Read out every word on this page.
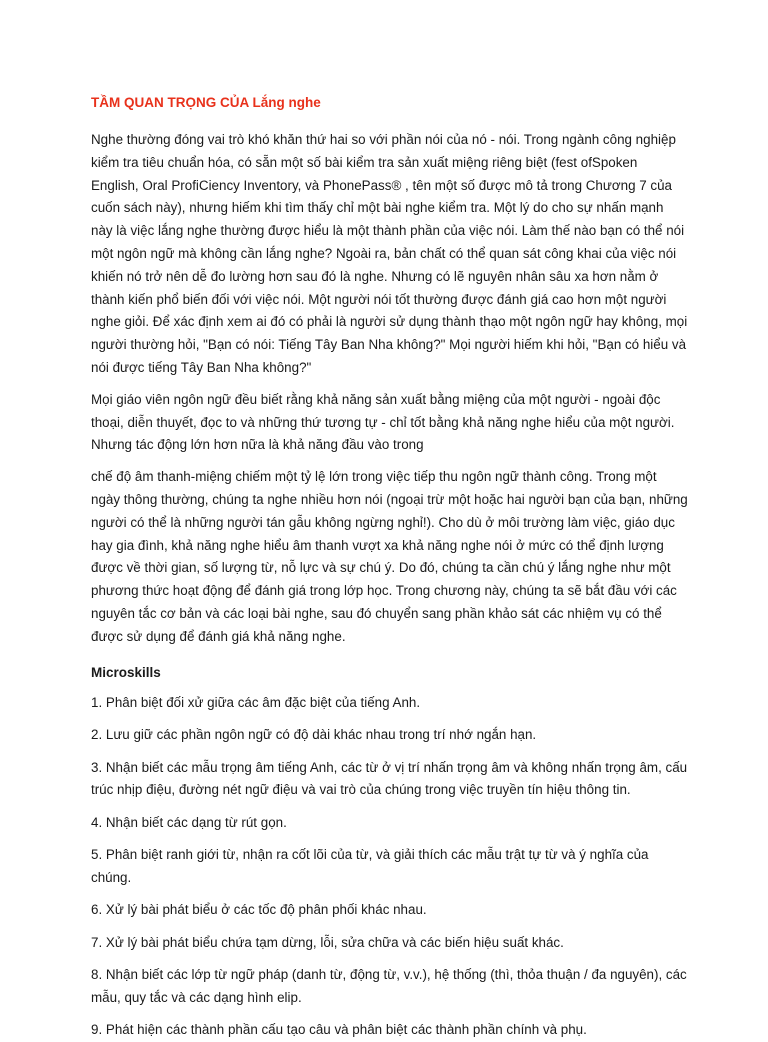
TẦM QUAN TRỌNG CỦA Lắng nghe

Nghe thường đóng vai trò khó khăn thứ hai so với phần nói của nó - nói. Trong ngành công nghiệp kiểm tra tiêu chuẩn hóa, có sẵn một số bài kiểm tra sản xuất miệng riêng biệt (fest ofSpoken English, Oral ProfiCiency Inventory, và PhonePass® , tên một số được mô tả trong Chương 7 của cuốn sách này), nhưng hiếm khi tìm thấy chỉ một bài nghe kiểm tra. Một lý do cho sự nhấn mạnh này là việc lắng nghe thường được hiểu là một thành phần của việc nói. Làm thế nào bạn có thể nói một ngôn ngữ mà không cần lắng nghe? Ngoài ra, bản chất có thể quan sát công khai của việc nói khiến nó trở nên dễ đo lường hơn sau đó là nghe. Nhưng có lẽ nguyên nhân sâu xa hơn nằm ở thành kiến phổ biến đối với việc nói. Một người nói tốt thường được đánh giá cao hơn một người nghe giỏi. Để xác định xem ai đó có phải là người sử dụng thành thạo một ngôn ngữ hay không, mọi người thường hỏi, "Bạn có nói: Tiếng Tây Ban Nha không?" Mọi người hiếm khi hỏi, "Bạn có hiểu và nói được tiếng Tây Ban Nha không?"

Mọi giáo viên ngôn ngữ đều biết rằng khả năng sản xuất bằng miệng của một người - ngoài độc thoại, diễn thuyết, đọc to và những thứ tương tự - chỉ tốt bằng khả năng nghe hiểu của một người. Nhưng tác động lớn hơn nữa là khả năng đầu vào trong

chế độ âm thanh-miệng chiếm một tỷ lệ lớn trong việc tiếp thu ngôn ngữ thành công. Trong một ngày thông thường, chúng ta nghe nhiều hơn nói (ngoại trừ một hoặc hai người bạn của bạn, những người có thể là những người tán gẫu không ngừng nghỉ!). Cho dù ở môi trường làm việc, giáo dục hay gia đình, khả năng nghe hiểu âm thanh vượt xa khả năng nghe nói ở mức có thể định lượng được về thời gian, số lượng từ, nỗ lực và sự chú ý. Do đó, chúng ta cần chú ý lắng nghe như một phương thức hoạt động để đánh giá trong lớp học. Trong chương này, chúng ta sẽ bắt đầu với các nguyên tắc cơ bản và các loại bài nghe, sau đó chuyển sang phần khảo sát các nhiệm vụ có thể được sử dụng để đánh giá khả năng nghe.

Microskills
1. Phân biệt đối xử giữa các âm đặc biệt của tiếng Anh.
2. Lưu giữ các phần ngôn ngữ có độ dài khác nhau trong trí nhớ ngắn hạn.
3. Nhận biết các mẫu trọng âm tiếng Anh, các từ ở vị trí nhấn trọng âm và không nhấn trọng âm, cấu trúc nhịp điệu, đường nét ngữ điệu và vai trò của chúng trong việc truyền tín hiệu thông tin.
4. Nhận biết các dạng từ rút gọn.
5. Phân biệt ranh giới từ, nhận ra cốt lõi của từ, và giải thích các mẫu trật tự từ và ý nghĩa của chúng.
6. Xử lý bài phát biểu ở các tốc độ phân phối khác nhau.
7. Xử lý bài phát biểu chứa tạm dừng, lỗi, sửa chữa và các biến hiệu suất khác.
8. Nhận biết các lớp từ ngữ pháp (danh từ, động từ, v.v.), hệ thống (thì, thỏa thuận / đa nguyên), các mẫu, quy tắc và các dạng hình elip.
9. Phát hiện các thành phần cấu tạo câu và phân biệt các thành phần chính và phụ.
